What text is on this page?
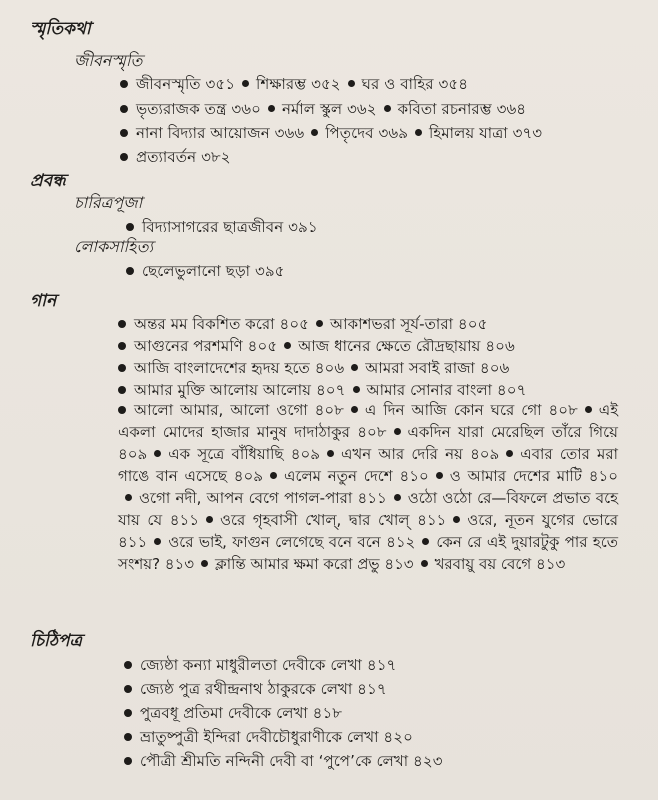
স্মৃতিকথা
জীবনস্মৃতি
জীবনস্মৃতি ৩৫১ শিক্ষারম্ভ ৩৫২ ঘর ও বাহির ৩৫৪
ভৃত্যরাজক তন্ত্র ৩৬০ নর্মাল স্কুল ৩৬২ কবিতা রচনারম্ভ ৩৬৪
নানা বিদ্যার আয়োজন ৩৬৬ পিতৃদেব ৩৬৯ হিমালয় যাত্রা ৩৭৩
প্রত্যাবর্তন ৩৮২
প্রবন্ধ
চারিত্রপূজা
বিদ্যাসাগরের ছাত্রজীবন ৩৯১
লোকসাহিত্য
ছেলেভুলানো ছড়া ৩৯৫
গান
অন্তর মম বিকশিত করো ৪০৫ আকাশভরা সূর্য-তারা ৪০৫
আগুনের পরশমণি ৪০৫ আজ ধানের ক্ষেতে রৌদ্রছায়ায় ৪০৬
আজি বাংলাদেশের হৃদয় হতে ৪০৬ আমরা সবাই রাজা ৪০৬
আমার মুক্তি আলোয় আলোয় ৪০৭ আমার সোনার বাংলা ৪০৭
আলো আমার, আলো ওগো ৪০৮ এ দিন আজি কোন ঘরে গো ৪০৮ এই একলা মোদের হাজার মানুষ দাদাঠাকুর ৪০৮ একদিন যারা মেরেছিল তাঁরে গিয়ে ৪০৯ এক সূত্রে বাঁধিয়াছি ৪০৯ এখন আর দেরি নয় ৪০৯ এবার তোর মরা গাঙে বান এসেছে ৪০৯ এলেম নতুন দেশে ৪১০ ও আমার দেশের মাটি ৪১০ওগো নদী, আপন বেগে পাগল-পারা ৪১১ ওঠো ওঠো রে—বিফলে প্রভাত বহে যায় যে ৪১১ ওরে গৃহবাসী খোল্, দ্বার খোল্ ৪১১ ওরে, নূতন যুগের ভোরে ৪১১ ওরে ভাই, ফাগুন লেগেছে বনে বনে ৪১২ কেন রে এই দুয়ারটুকু পার হতে সংশয়? ৪১৩ ক্লান্তি আমার ক্ষমা করো প্রভু ৪১৩ খরবায়ু বয় বেগে ৪১৩
চিঠিপত্র
জ্যেষ্ঠা কন্যা মাধুরীলতা দেবীকে লেখা ৪১৭
জ্যেষ্ঠ পুত্র রথীন্দ্রনাথ ঠাকুরকে লেখা ৪১৭
পুত্রবধূ প্রতিমা দেবীকে লেখা ৪১৮
ভ্রাতুষ্পুত্রী ইন্দিরা দেবীচৌধুরাণীকে লেখা ৪২০
পৌত্রী শ্রীমতি নন্দিনী দেবী বা ‘পুপে’কে লেখা ৪২৩
